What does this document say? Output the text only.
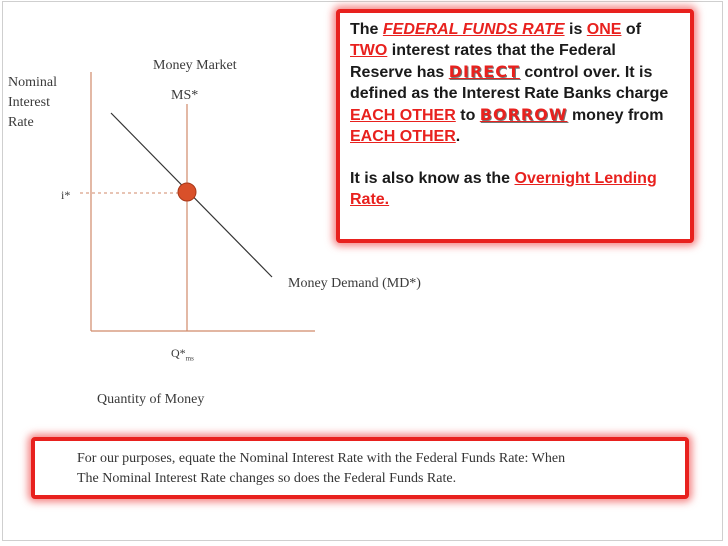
Money Market
Nominal
Interest
Rate
MS*
i*
Money Demand (MD*)
$Q*_{ms}$
Quantity of Money
The FEDERAL FUNDS RATE is ONE of TWO interest rates that the Federal Reserve has DIRECT control over. It is defined as the Interest Rate Banks charge EACH OTHER to BORROW money from EACH OTHER.
It is also know as the Overnight Lending Rate.
For our purposes, equate the Nominal Interest Rate with the Federal Funds Rate: When
The Nominal Interest Rate changes so does the Federal Funds Rate.
